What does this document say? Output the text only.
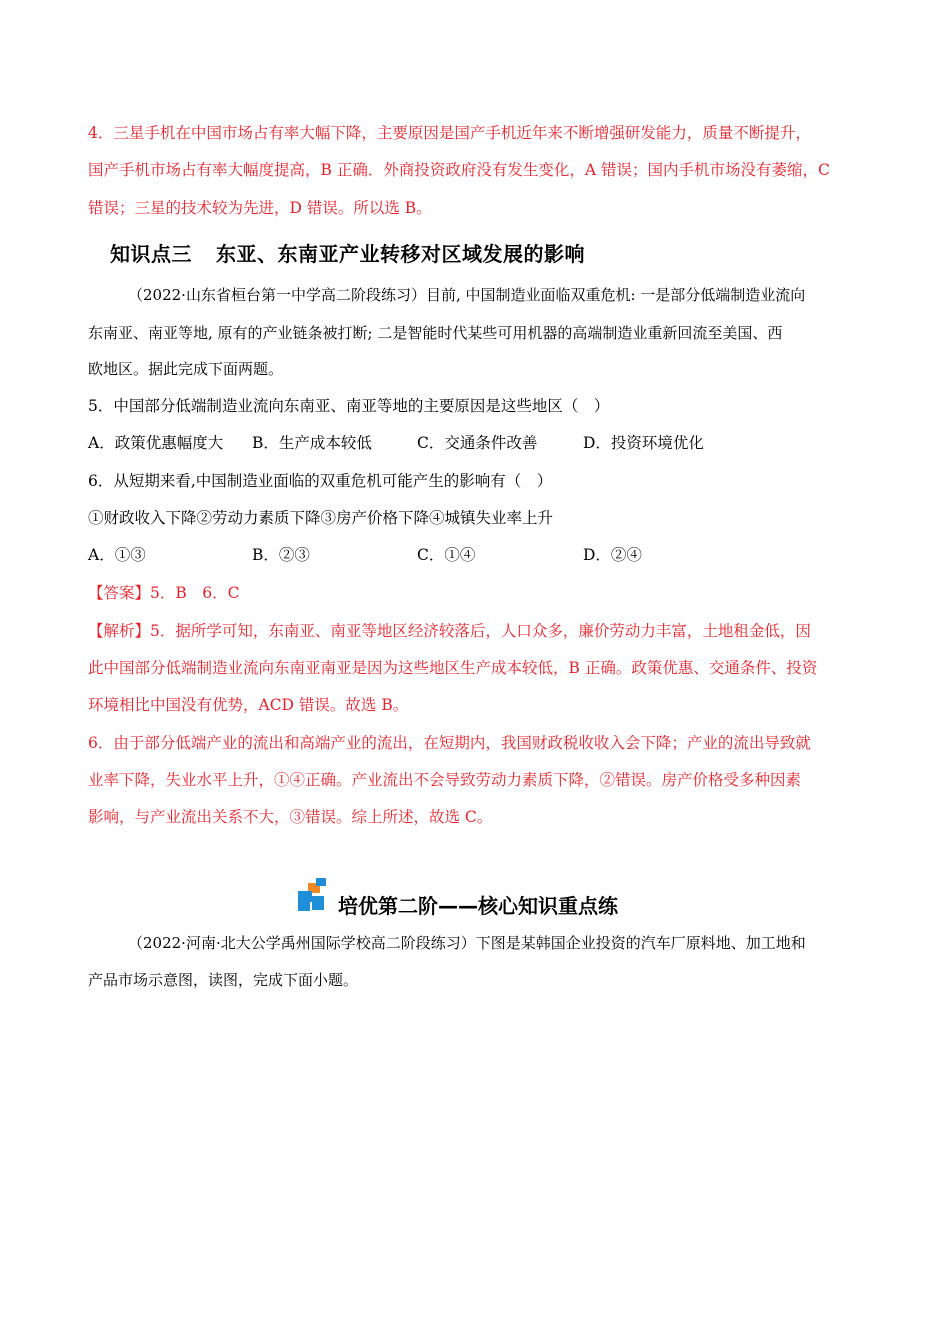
4．三星手机在中国市场占有率大幅下降，主要原因是国产手机近年来不断增强研发能力，质量不断提升，
国产手机市场占有率大幅度提高，B 正确．外商投资政府没有发生变化，A 错误；国内手机市场没有萎缩，C
错误；三星的技术较为先进，D 错误。所以选 B。
知识点三 东亚、东南亚产业转移对区域发展的影响
（2022·山东省桓台第一中学高二阶段练习）目前, 中国制造业面临双重危机: 一是部分低端制造业流向
东南亚、南亚等地, 原有的产业链条被打断; 二是智能时代某些可用机器的高端制造业重新回流至美国、西
欧地区。据此完成下面两题。
5．中国部分低端制造业流向东南亚、南亚等地的主要原因是这些地区（　）
A．政策优惠幅度大 B．生产成本较低	C．交通条件改善	D．投资环境优化
6．从短期来看,中国制造业面临的双重危机可能产生的影响有（　）
①财政收入下降②劳动力素质下降③房产价格下降④城镇失业率上升
A．①③	B．②③	C．①④	D．②④
【答案】5．B　6．C
【解析】5．据所学可知，东南亚、南亚等地区经济较落后，人口众多，廉价劳动力丰富，土地租金低，因
此中国部分低端制造业流向东南亚南亚是因为这些地区生产成本较低，B 正确。政策优惠、交通条件、投资
环境相比中国没有优势，ACD 错误。故选 B。
6．由于部分低端产业的流出和高端产业的流出，在短期内，我国财政税收收入会下降；产业的流出导致就
业率下降，失业水平上升，①④正确。产业流出不会导致劳动力素质下降，②错误。房产价格受多种因素
影响，与产业流出关系不大，③错误。综上所述，故选 C。
培优第二阶——核心知识重点练
（2022·河南·北大公学禹州国际学校高二阶段练习）下图是某韩国企业投资的汽车厂原料地、加工地和
产品市场示意图，读图，完成下面小题。
